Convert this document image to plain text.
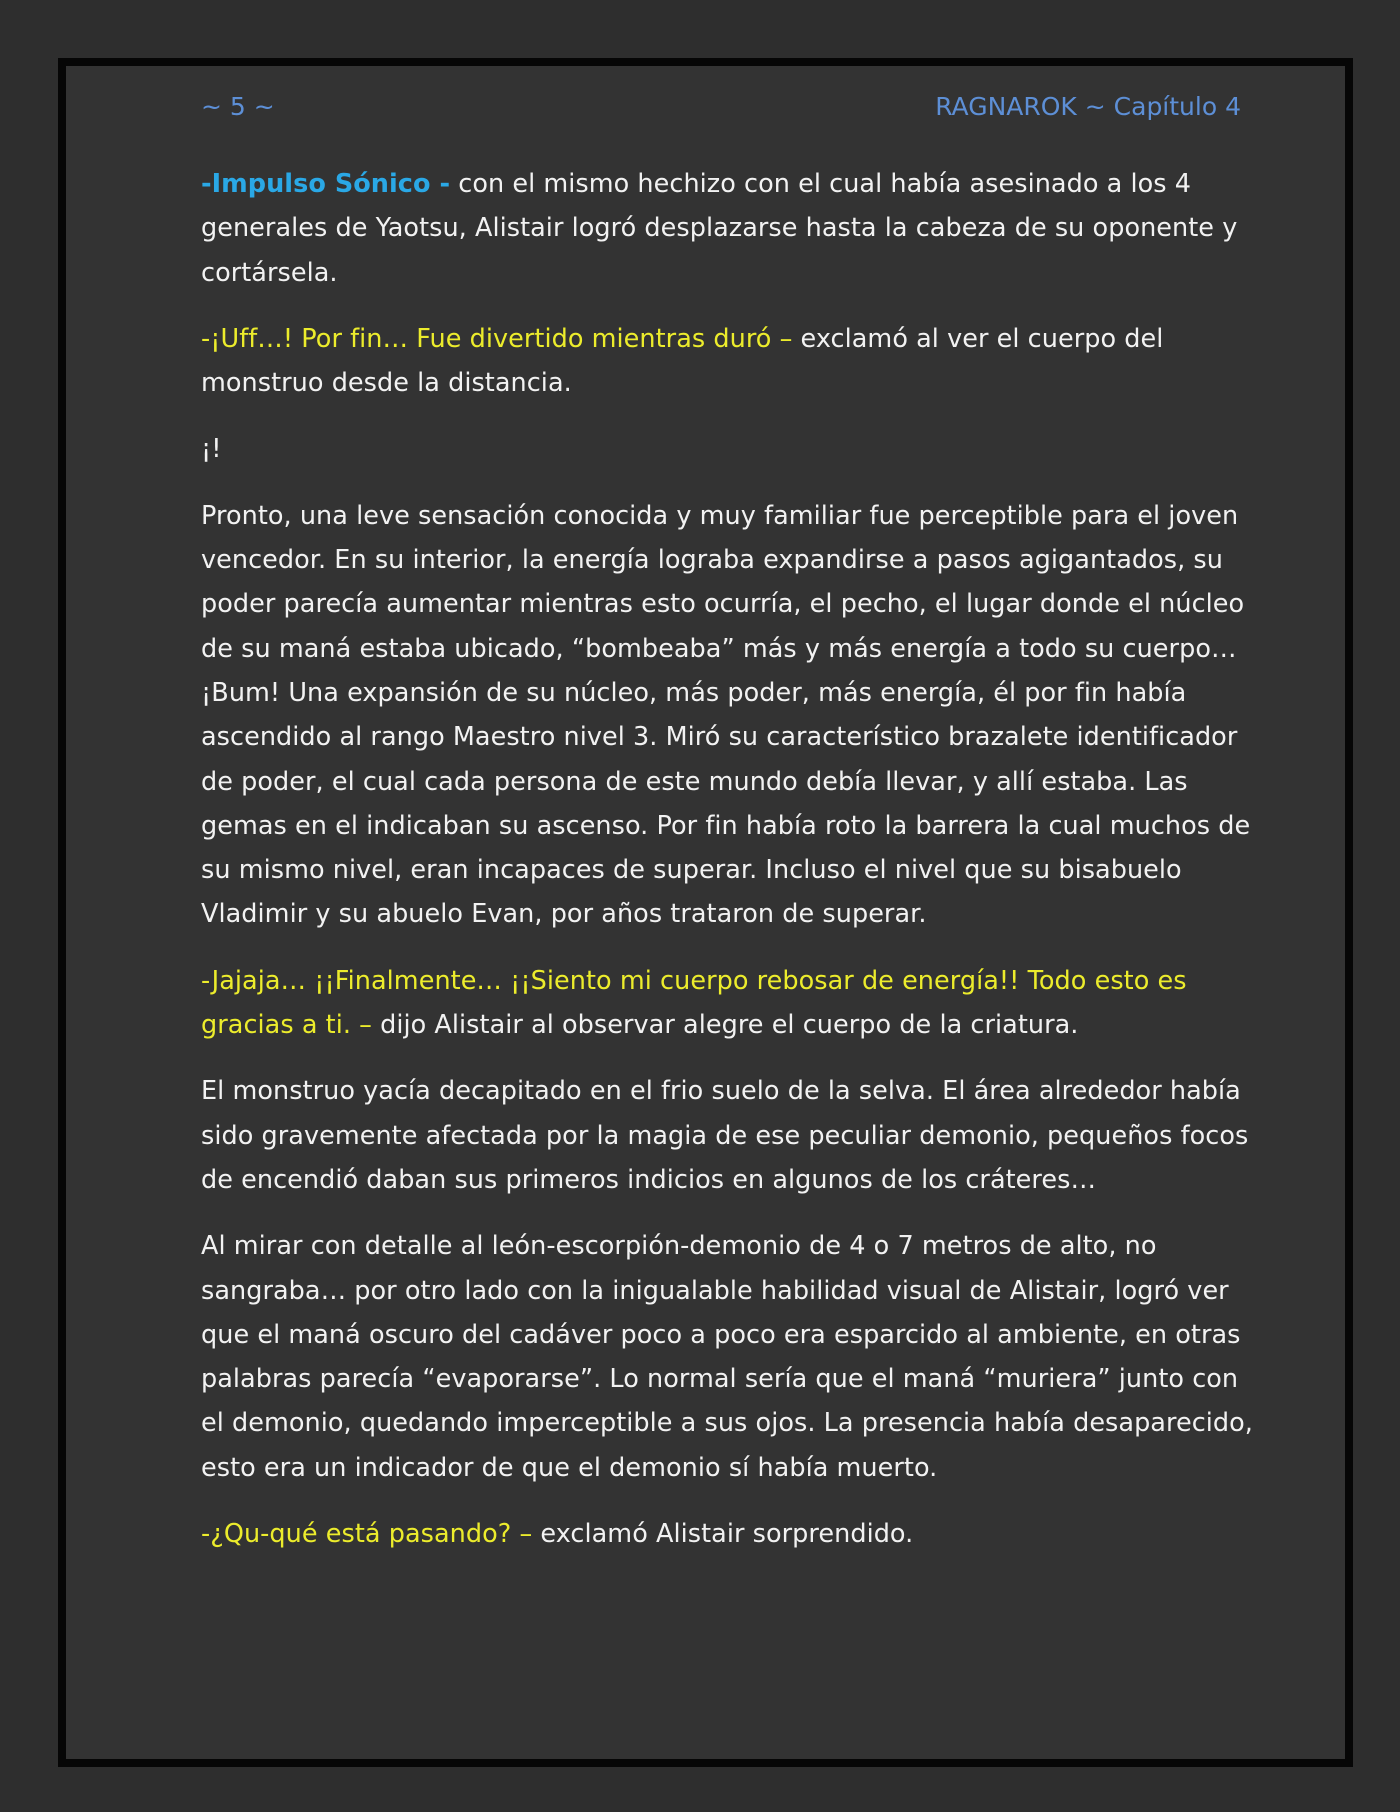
~ 5 ~	RAGNAROK ~ Capítulo 4

-Impulso Sónico - con el mismo hechizo con el cual había asesinado a los 4 generales de Yaotsu, Alistair logró desplazarse hasta la cabeza de su oponente y cortársela.

-¡Uff…! Por fin… Fue divertido mientras duró – exclamó al ver el cuerpo del monstruo desde la distancia.

¡!

Pronto, una leve sensación conocida y muy familiar fue perceptible para el joven vencedor. En su interior, la energía lograba expandirse a pasos agigantados, su poder parecía aumentar mientras esto ocurría, el pecho, el lugar donde el núcleo de su maná estaba ubicado, “bombeaba” más y más energía a todo su cuerpo… ¡Bum! Una expansión de su núcleo, más poder, más energía, él por fin había ascendido al rango Maestro nivel 3. Miró su característico brazalete identificador de poder, el cual cada persona de este mundo debía llevar, y allí estaba. Las gemas en el indicaban su ascenso. Por fin había roto la barrera la cual muchos de su mismo nivel, eran incapaces de superar. Incluso el nivel que su bisabuelo Vladimir y su abuelo Evan, por años trataron de superar.

-Jajaja… ¡¡Finalmente… ¡¡Siento mi cuerpo rebosar de energía!! Todo esto es gracias a ti. – dijo Alistair al observar alegre el cuerpo de la criatura.

El monstruo yacía decapitado en el frio suelo de la selva. El área alrededor había sido gravemente afectada por la magia de ese peculiar demonio, pequeños focos de encendió daban sus primeros indicios en algunos de los cráteres…

Al mirar con detalle al león-escorpión-demonio de 4 o 7 metros de alto, no sangraba… por otro lado con la inigualable habilidad visual de Alistair, logró ver que el maná oscuro del cadáver poco a poco era esparcido al ambiente, en otras palabras parecía “evaporarse”. Lo normal sería que el maná “muriera” junto con el demonio, quedando imperceptible a sus ojos. La presencia había desaparecido, esto era un indicador de que el demonio sí había muerto.

-¿Qu-qué está pasando? – exclamó Alistair sorprendido.
